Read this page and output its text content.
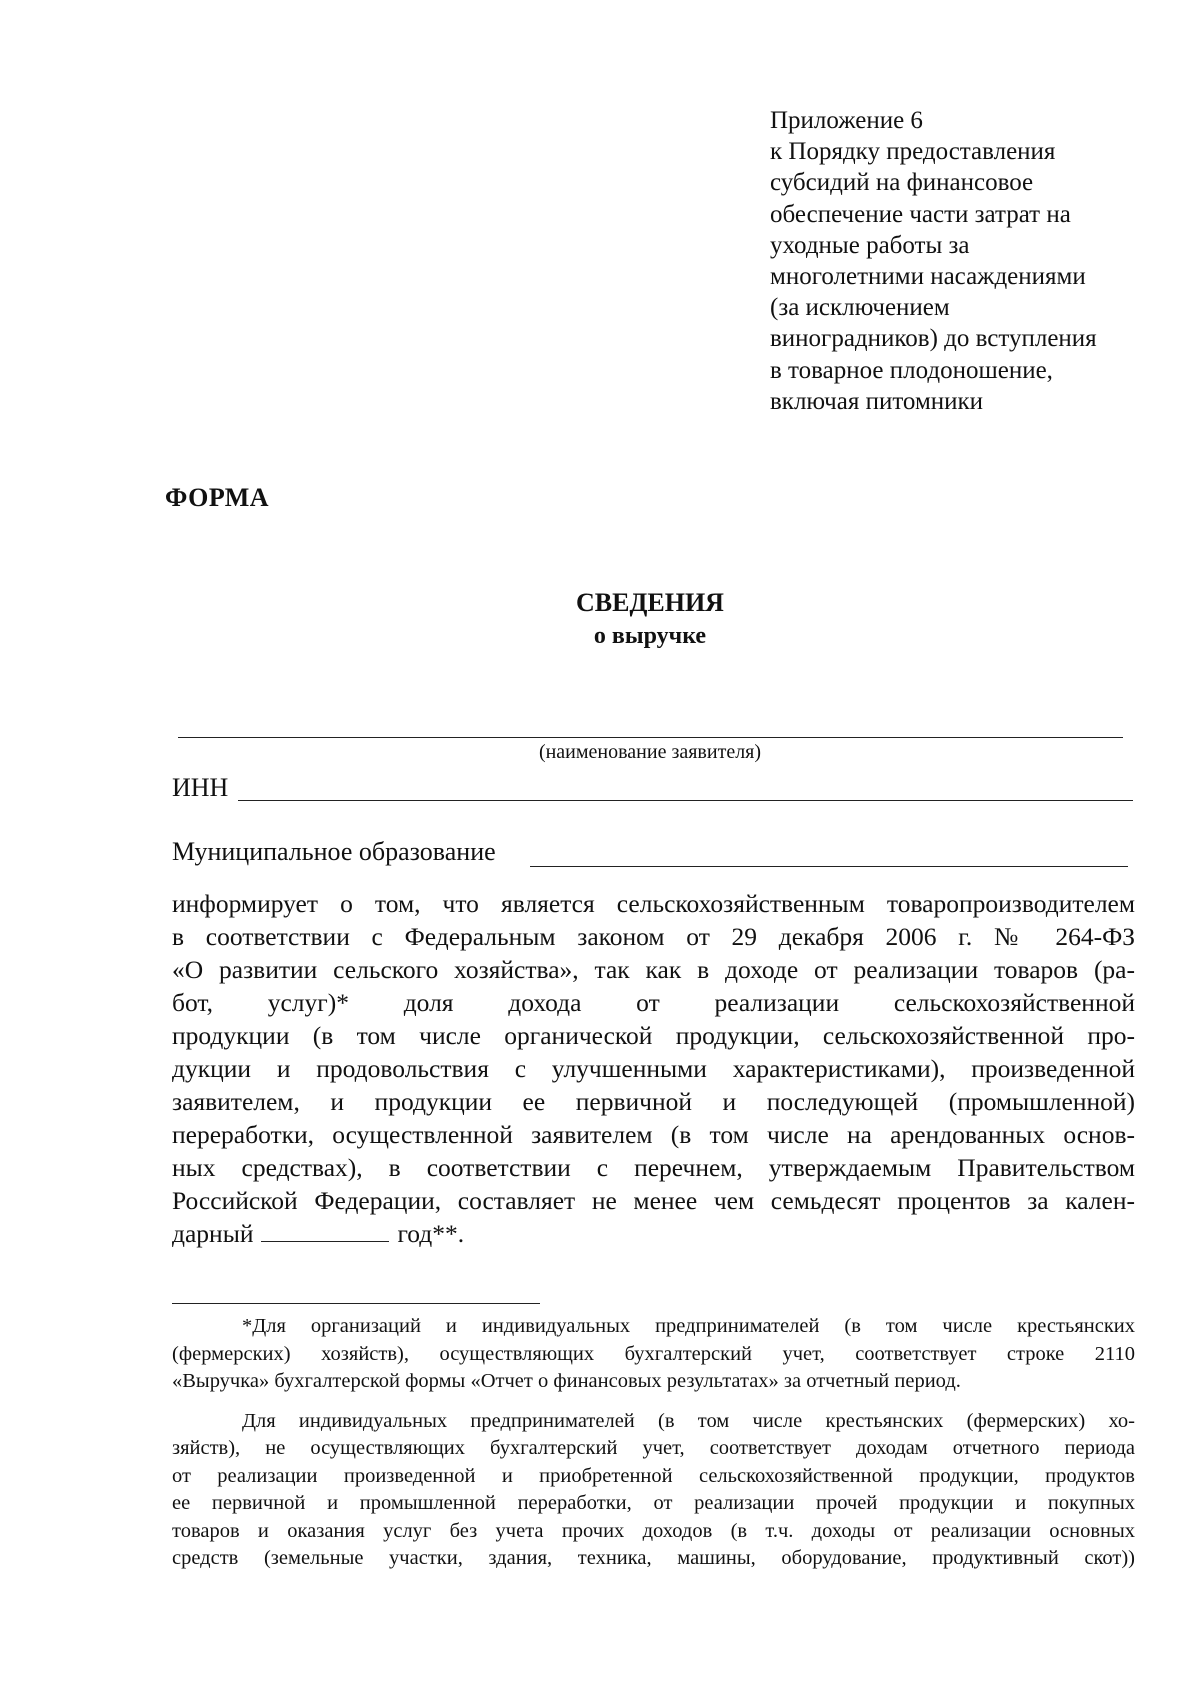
Приложение 6
к Порядку предоставления
субсидий на финансовое
обеспечение части затрат на
уходные работы за
многолетними насаждениями
(за исключением
виноградников) до вступления
в товарное плодоношение,
включая питомники
ФОРМА
СВЕДЕНИЯ
о выручке
(наименование заявителя)
ИНН
Муниципальное образование
информирует о том, что является сельскохозяйственным товаропроизводителем
в соответствии с Федеральным законом от 29 декабря 2006 г. № 264-ФЗ
«О развитии сельского хозяйства», так как в доходе от реализации товаров (ра-
бот, услуг)* доля дохода от реализации сельскохозяйственной
продукции (в том числе органической продукции, сельскохозяйственной про-
дукции и продовольствия с улучшенными характеристиками), произведенной
заявителем, и продукции ее первичной и последующей (промышленной)
переработки, осуществленной заявителем (в том числе на арендованных основ-
ных средствах), в соответствии с перечнем, утверждаемым Правительством
Российской Федерации, составляет не менее чем семьдесят процентов за кален-
дарный	год**.
*Для организаций и индивидуальных предпринимателей (в том числе крестьянских
(фермерских) хозяйств), осуществляющих бухгалтерский учет, соответствует строке 2110
«Выручка» бухгалтерской формы «Отчет о финансовых результатах» за отчетный период.
Для индивидуальных предпринимателей (в том числе крестьянских (фермерских) хо-
зяйств), не осуществляющих бухгалтерский учет, соответствует доходам отчетного периода
от реализации произведенной и приобретенной сельскохозяйственной продукции, продуктов
ее первичной и промышленной переработки, от реализации прочей продукции и покупных
товаров и оказания услуг без учета прочих доходов (в т.ч. доходы от реализации основных
средств (земельные участки, здания, техника, машины, оборудование, продуктивный скот))
